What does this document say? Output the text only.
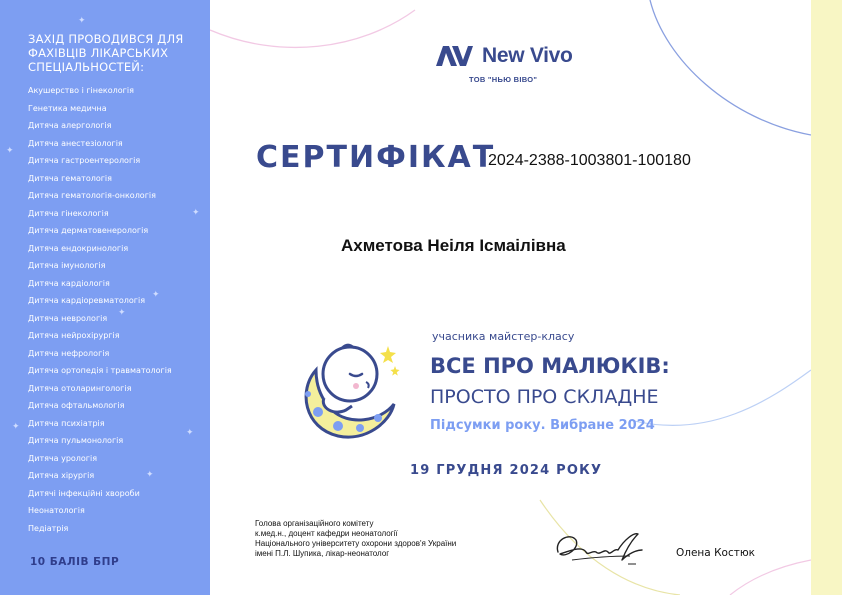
✦
✦
✦
✦
✦
✦
✦
✦
ЗАХІД ПРОВОДИВСЯ ДЛЯ ФАХІВЦІВ ЛІКАРСЬКИХ СПЕЦІАЛЬНОСТЕЙ:
Акушерство і гінекологія
Генетика медична
Дитяча алергологія
Дитяча анестезіологія
Дитяча гастроентерологія
Дитяча гематологія
Дитяча гематологія-онкологія
Дитяча гінекологія
Дитяча дерматовенерологія
Дитяча ендокринологія
Дитяча імунологія
Дитяча кардіологія
Дитяча кардіоревматологія
Дитяча неврологія
Дитяча нейрохірургія
Дитяча нефрологія
Дитяча ортопедія і травматологія
Дитяча отоларингологія
Дитяча офтальмологія
Дитяча психіатрія
Дитяча пульмонологія
Дитяча урологія
Дитяча хірургія
Дитячі інфекційні хвороби
Неонатологія
Педіатрія
10 БАЛІВ БПР
New Vivo
ТОВ "НЬЮ ВІВО"
СЕРТИФІКАТ
2024-2388-1003801-100180
Ахметова Неіля Ісмаілівна
учасника майстер-класу
ВСЕ ПРО МАЛЮКІВ:
ПРОСТО ПРО СКЛАДНЕ
Підсумки року. Вибране 2024
19 ГРУДНЯ 2024 РОКУ
Голова організаційного комітету
к.мед.н., доцент кафедри неонатології
Національного університету охорони здоров'я України
імені П.Л. Шупика, лікар-неонатолог	Олена Костюк
